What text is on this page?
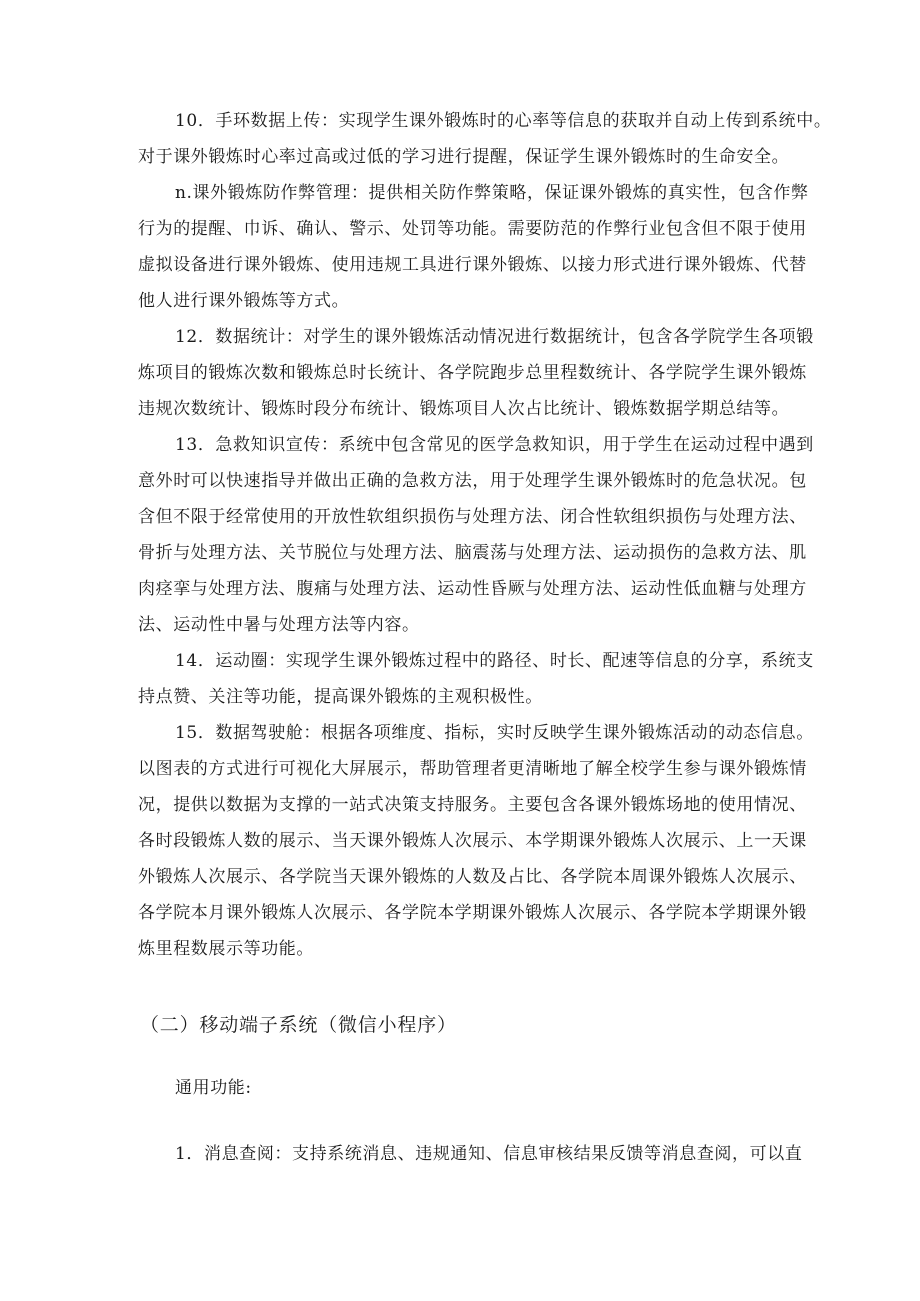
10．手环数据上传：实现学生课外锻炼时的心率等信息的获取并自动上传到系统中。
对于课外锻炼时心率过高或过低的学习进行提醒，保证学生课外锻炼时的生命安全。
n.课外锻炼防作弊管理：提供相关防作弊策略，保证课外锻炼的真实性，包含作弊
行为的提醒、巾诉、确认、警示、处罚等功能。需要防范的作弊行业包含但不限于使用
虚拟设备进行课外锻炼、使用违规工具进行课外锻炼、以接力形式进行课外锻炼、代替
他人进行课外锻炼等方式。
12．数据统计：对学生的课外锻炼活动情况进行数据统计，包含各学院学生各项锻
炼项目的锻炼次数和锻炼总时长统计、各学院跑步总里程数统计、各学院学生课外锻炼
违规次数统计、锻炼时段分布统计、锻炼项目人次占比统计、锻炼数据学期总结等。
13．急救知识宣传：系统中包含常见的医学急救知识，用于学生在运动过程中遇到
意外时可以快速指导并做出正确的急救方法，用于处理学生课外锻炼时的危急状况。包
含但不限于经常使用的开放性软组织损伤与处理方法、闭合性软组织损伤与处理方法、
骨折与处理方法、关节脱位与处理方法、脑震荡与处理方法、运动损伤的急救方法、肌
肉痉挛与处理方法、腹痛与处理方法、运动性昏厥与处理方法、运动性低血糖与处理方
法、运动性中暑与处理方法等内容。
14．运动圈：实现学生课外锻炼过程中的路径、时长、配速等信息的分享，系统支
持点赞、关注等功能，提高课外锻炼的主观积极性。
15．数据驾驶舱：根据各项维度、指标，实时反映学生课外锻炼活动的动态信息。
以图表的方式进行可视化大屏展示，帮助管理者更清晰地了解全校学生参与课外锻炼情
况，提供以数据为支撑的一站式决策支持服务。主要包含各课外锻炼场地的使用情况、
各时段锻炼人数的展示、当天课外锻炼人次展示、本学期课外锻炼人次展示、上一天课
外锻炼人次展示、各学院当天课外锻炼的人数及占比、各学院本周课外锻炼人次展示、
各学院本月课外锻炼人次展示、各学院本学期课外锻炼人次展示、各学院本学期课外锻
炼里程数展示等功能。
（二）移动端子系统（微信小程序）
通用功能:
1．消息查阅：支持系统消息、违规通知、信息审核结果反馈等消息查阅，可以直
